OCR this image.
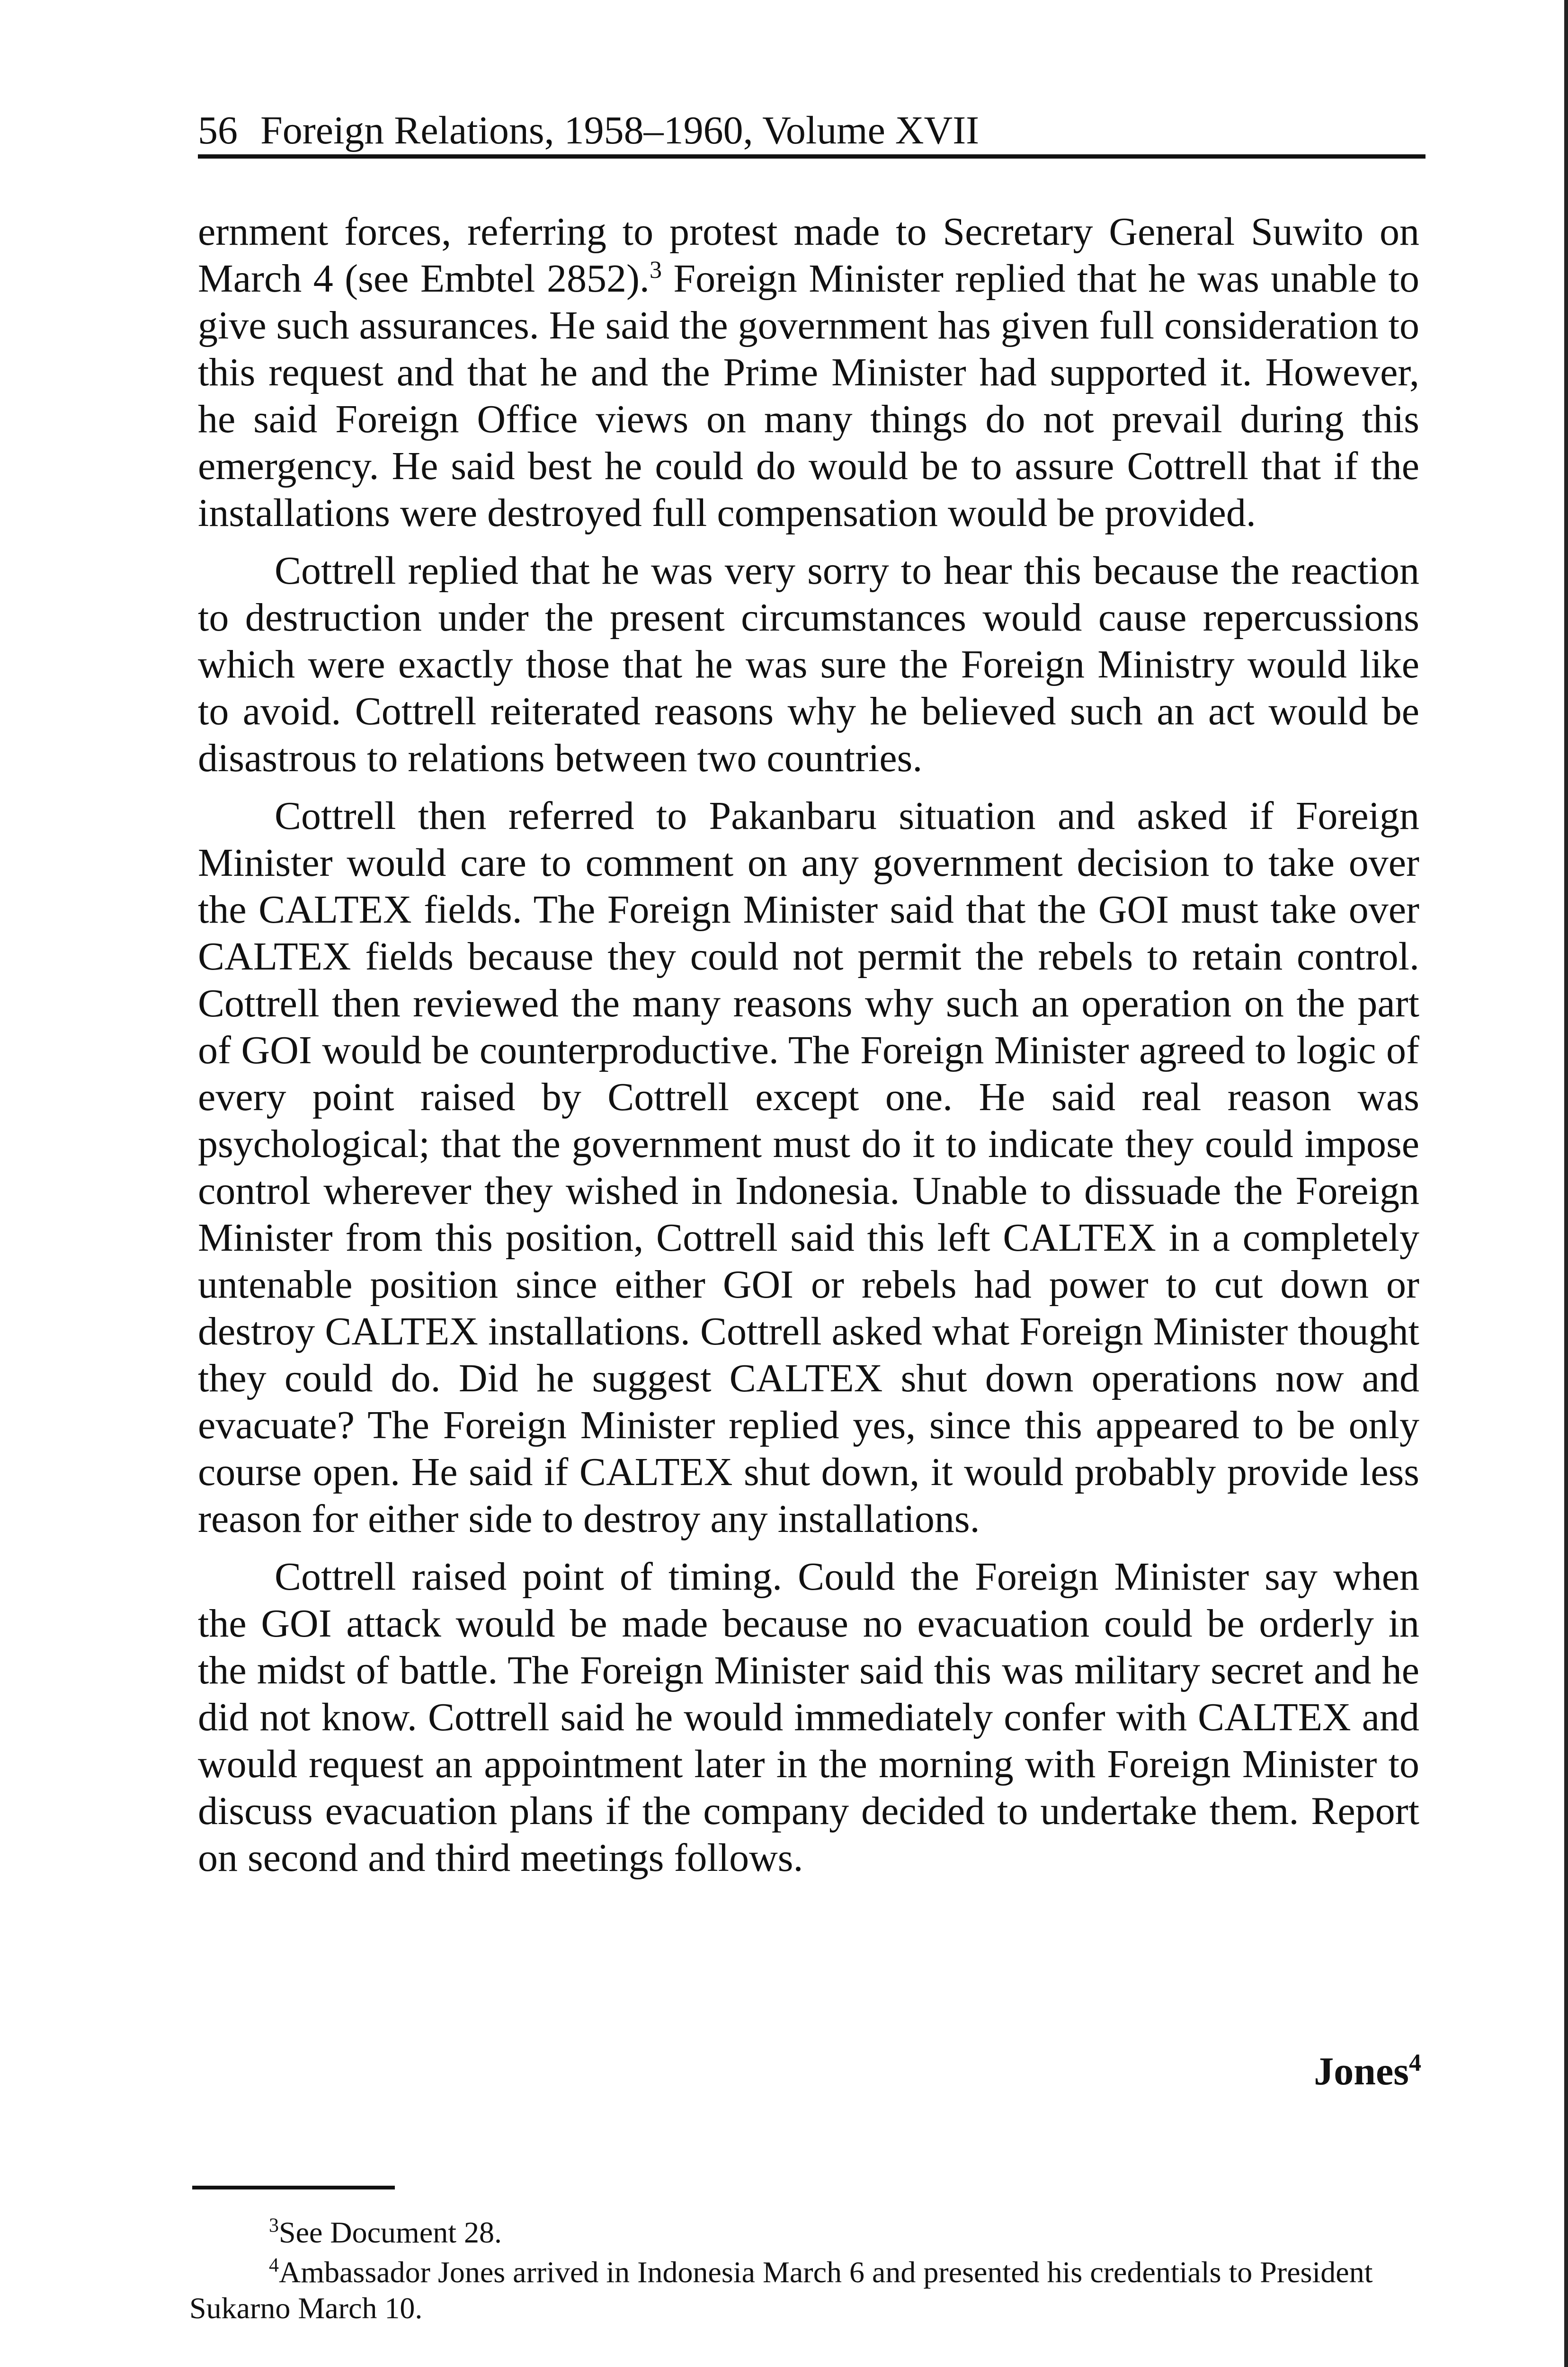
56 Foreign Relations, 1958–1960, Volume XVII

ernment forces, referring to protest made to Secretary General Suwito on March 4 (see Embtel 2852).$^3$ Foreign Minister replied that he was unable to give such assurances. He said the government has given full consideration to this request and that he and the Prime Minister had supported it. However, he said Foreign Office views on many things do not prevail during this emergency. He said best he could do would be to assure Cottrell that if the installations were destroyed full compensation would be provided.

Cottrell replied that he was very sorry to hear this because the reaction to destruction under the present circumstances would cause repercussions which were exactly those that he was sure the Foreign Ministry would like to avoid. Cottrell reiterated reasons why he believed such an act would be disastrous to relations between two countries.

Cottrell then referred to Pakanbaru situation and asked if Foreign Minister would care to comment on any government decision to take over the CALTEX fields. The Foreign Minister said that the GOI must take over CALTEX fields because they could not permit the rebels to retain control. Cottrell then reviewed the many reasons why such an operation on the part of GOI would be counterproductive. The Foreign Minister agreed to logic of every point raised by Cottrell except one. He said real reason was psychological; that the government must do it to indicate they could impose control wherever they wished in Indonesia. Unable to dissuade the Foreign Minister from this position, Cottrell said this left CALTEX in a completely untenable position since either GOI or rebels had power to cut down or destroy CALTEX installations. Cottrell asked what Foreign Minister thought they could do. Did he suggest CALTEX shut down operations now and evacuate? The Foreign Minister replied yes, since this appeared to be only course open. He said if CALTEX shut down, it would probably provide less reason for either side to destroy any installations.

Cottrell raised point of timing. Could the Foreign Minister say when the GOI attack would be made because no evacuation could be orderly in the midst of battle. The Foreign Minister said this was military secret and he did not know. Cottrell said he would immediately confer with CALTEX and would request an appointment later in the morning with Foreign Minister to discuss evacuation plans if the company decided to undertake them. Report on second and third meetings follows.

Jones$^4$

$^3$See Document 28.

$^4$Ambassador Jones arrived in Indonesia March 6 and presented his credentials to President Sukarno March 10.
